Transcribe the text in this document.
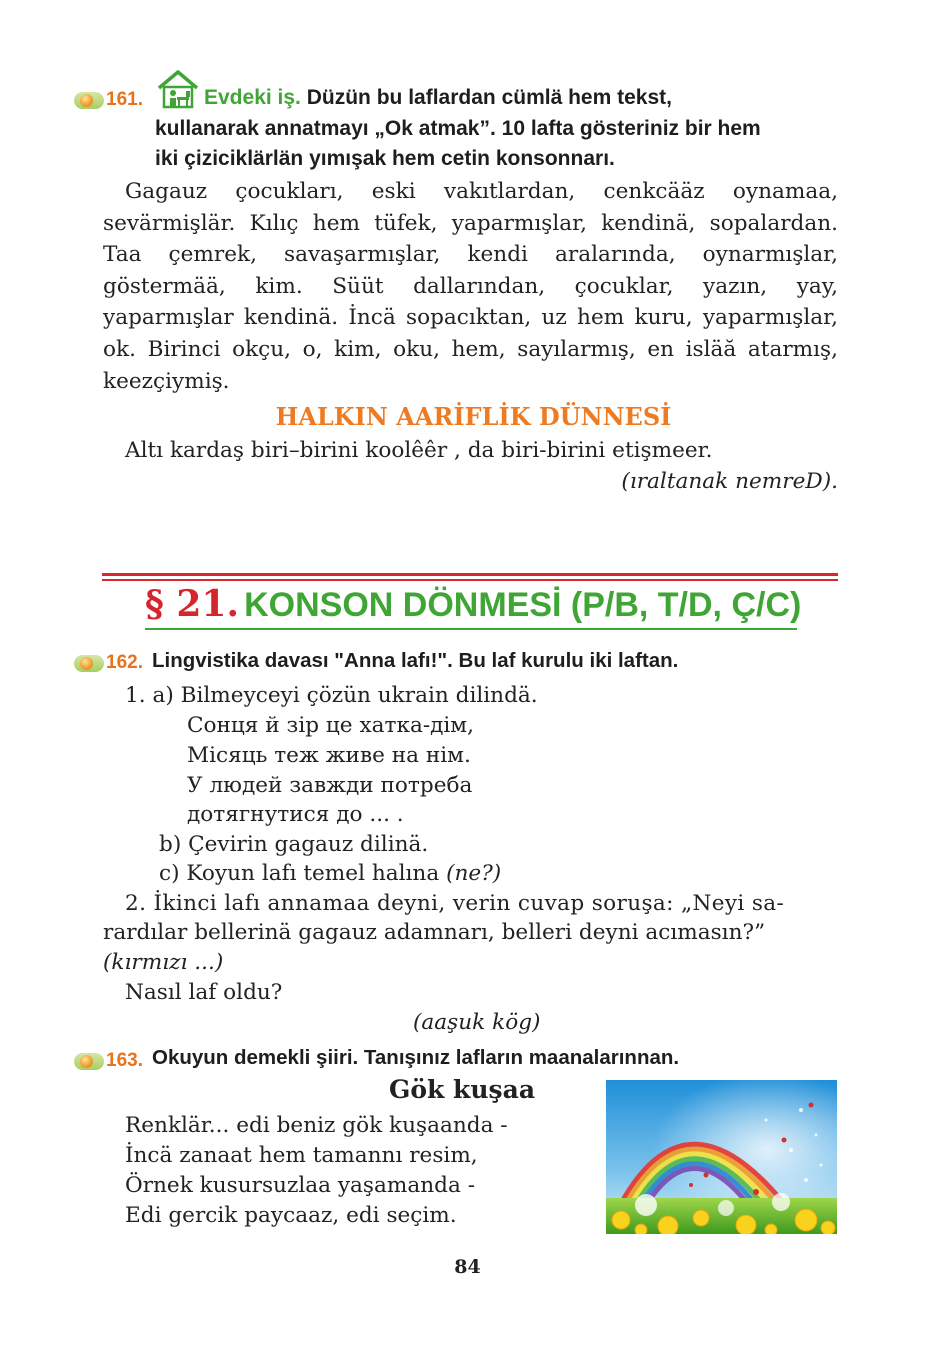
161.	Evdeki iş. Düzün bu laflardan cümlä hem tekst,
kullanarak annatmayı „Ok atmak”. 10 lafta gösteriniz bir hem
iki çiziciklärlän yımışak hem cetin konsonnarı.
Gagauz çocukları, eski vakıtlardan, cenkcääz oynamaa, sevärmişlär. Kılıç hem tüfek, yaparmışlar, kendinä, sopalardan. Taa çemrek, savaşarmışlar, kendi aralarında, oynarmışlar, göstermää, kim. Süüt dallarından, çocuklar, yazın, yay, yaparmışlar kendinä. İncä sopacıktan, uz hem kuru, yaparmışlar, ok. Birinci okçu, o, kim, oku, hem, sayılarmış, en isläă atarmış, keezçiymiş.
HALKIN AARİFLİK DÜNNESİ
Altı kardaş biri–birini koolêêr , da biri-birini etişmeer.
(ıraltanak nemreD).
§ 21. KONSON DÖNMESİ (P/B, T/D, Ç/C)
162. Lingvistika davası "Anna lafı!". Bu laf kurulu iki laftan.
1. a) Bilmeyceyi çözün ukrain dilindä.
Сонця й зір це хатка-дім,
Місяць теж живе на нім.
У людей завжди потреба
дотягнутися до ... .
b) Çevirin gagauz dilinä.
c) Koyun lafı temel halına (ne?)
2. İkinci lafı annamaa deyni, verin cuvap soruşa: „Neyi sa-
rardılar bellerinä gagauz adamnarı, belleri deyni acımasın?”
(kırmızı ...)
Nasıl laf oldu?
(aaşuk kög)
163. Okuyun demekli şiiri. Tanışınız lafların maanalarınnan.
Gök kuşaa
Renklär... edi beniz gök kuşaanda -
İncä zanaat hem tamannı resim,
Örnek kusursuzlaa yaşamanda -
Edi gercik paycaaz, edi seçim.
84
